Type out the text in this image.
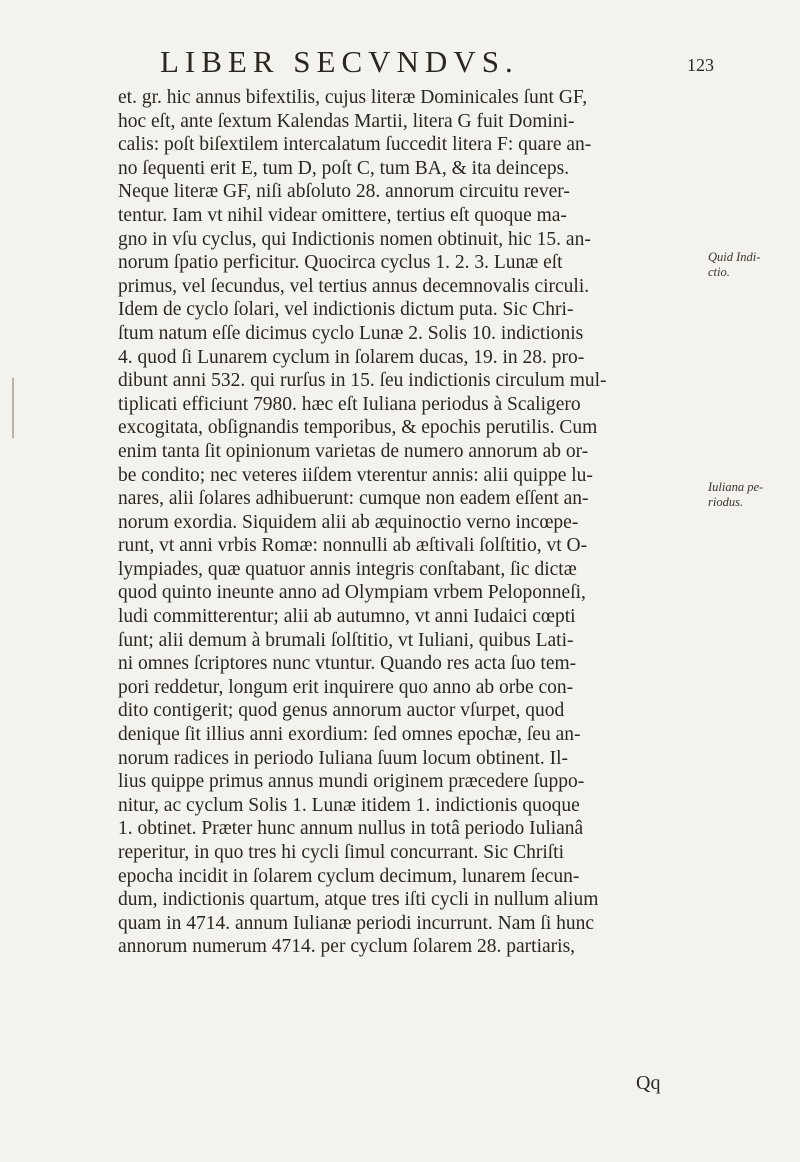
LIBER SECVNDVS.	123
et. gr. hic annus bifextilis, cujus literæ Dominicales ſunt GF,
hoc eſt, ante ſextum Kalendas Martii, litera G fuit Domini-
calis: poſt biſextilem intercalatum ſuccedit litera F: quare an-
no ſequenti erit E, tum D, poſt C, tum BA, & ita deinceps.
Neque literæ GF, niſi abſoluto 28. annorum circuitu rever-
tentur. Iam vt nihil videar omittere, tertius eſt quoque ma-
gno in vſu cyclus, qui Indictionis nomen obtinuit, hic 15. an-
norum ſpatio perficitur. Quocirca cyclus 1. 2. 3. Lunæ eſt
primus, vel ſecundus, vel tertius annus decemnovalis circuli.
Idem de cyclo ſolari, vel indictionis dictum puta. Sic Chri-
ſtum natum eſſe dicimus cyclo Lunæ 2. Solis 10. indictionis
4. quod ſi Lunarem cyclum in ſolarem ducas, 19. in 28. pro-
dibunt anni 532. qui rurſus in 15. ſeu indictionis circulum mul-
tiplicati efficiunt 7980. hæc eſt Iuliana periodus à Scaligero
excogitata, obſignandis temporibus, & epochis perutilis. Cum
enim tanta ſit opinionum varietas de numero annorum ab or-
be condito; nec veteres iiſdem vterentur annis: alii quippe lu-
nares, alii ſolares adhibuerunt: cumque non eadem eſſent an-
norum exordia. Siquidem alii ab æquinoctio verno incœpe-
runt, vt anni vrbis Romæ: nonnulli ab æſtivali ſolſtitio, vt O-
lympiades, quæ quatuor annis integris conſtabant, ſic dictæ
quod quinto ineunte anno ad Olympiam vrbem Peloponneſi,
ludi committerentur; alii ab autumno, vt anni Iudaici cœpti
ſunt; alii demum à brumali ſolſtitio, vt Iuliani, quibus Lati-
ni omnes ſcriptores nunc vtuntur. Quando res acta ſuo tem-
pori reddetur, longum erit inquirere quo anno ab orbe con-
dito contigerit; quod genus annorum auctor vſurpet, quod
denique ſit illius anni exordium: ſed omnes epochæ, ſeu an-
norum radices in periodo Iuliana ſuum locum obtinent. Il-
lius quippe primus annus mundi originem præcedere ſuppo-
nitur, ac cyclum Solis 1. Lunæ itidem 1. indictionis quoque
1. obtinet. Præter hunc annum nullus in totâ periodo Iulianâ
reperitur, in quo tres hi cycli ſimul concurrant. Sic Chriſti
epocha incidit in ſolarem cyclum decimum, lunarem ſecun-
dum, indictionis quartum, atque tres iſti cycli in nullum alium
quam in 4714. annum Iulianæ periodi incurrunt. Nam ſi hunc
annorum numerum 4714. per cyclum ſolarem 28. partiaris,
Quid Indi-
ctio.
Iuliana pe-
riodus.
Qq
